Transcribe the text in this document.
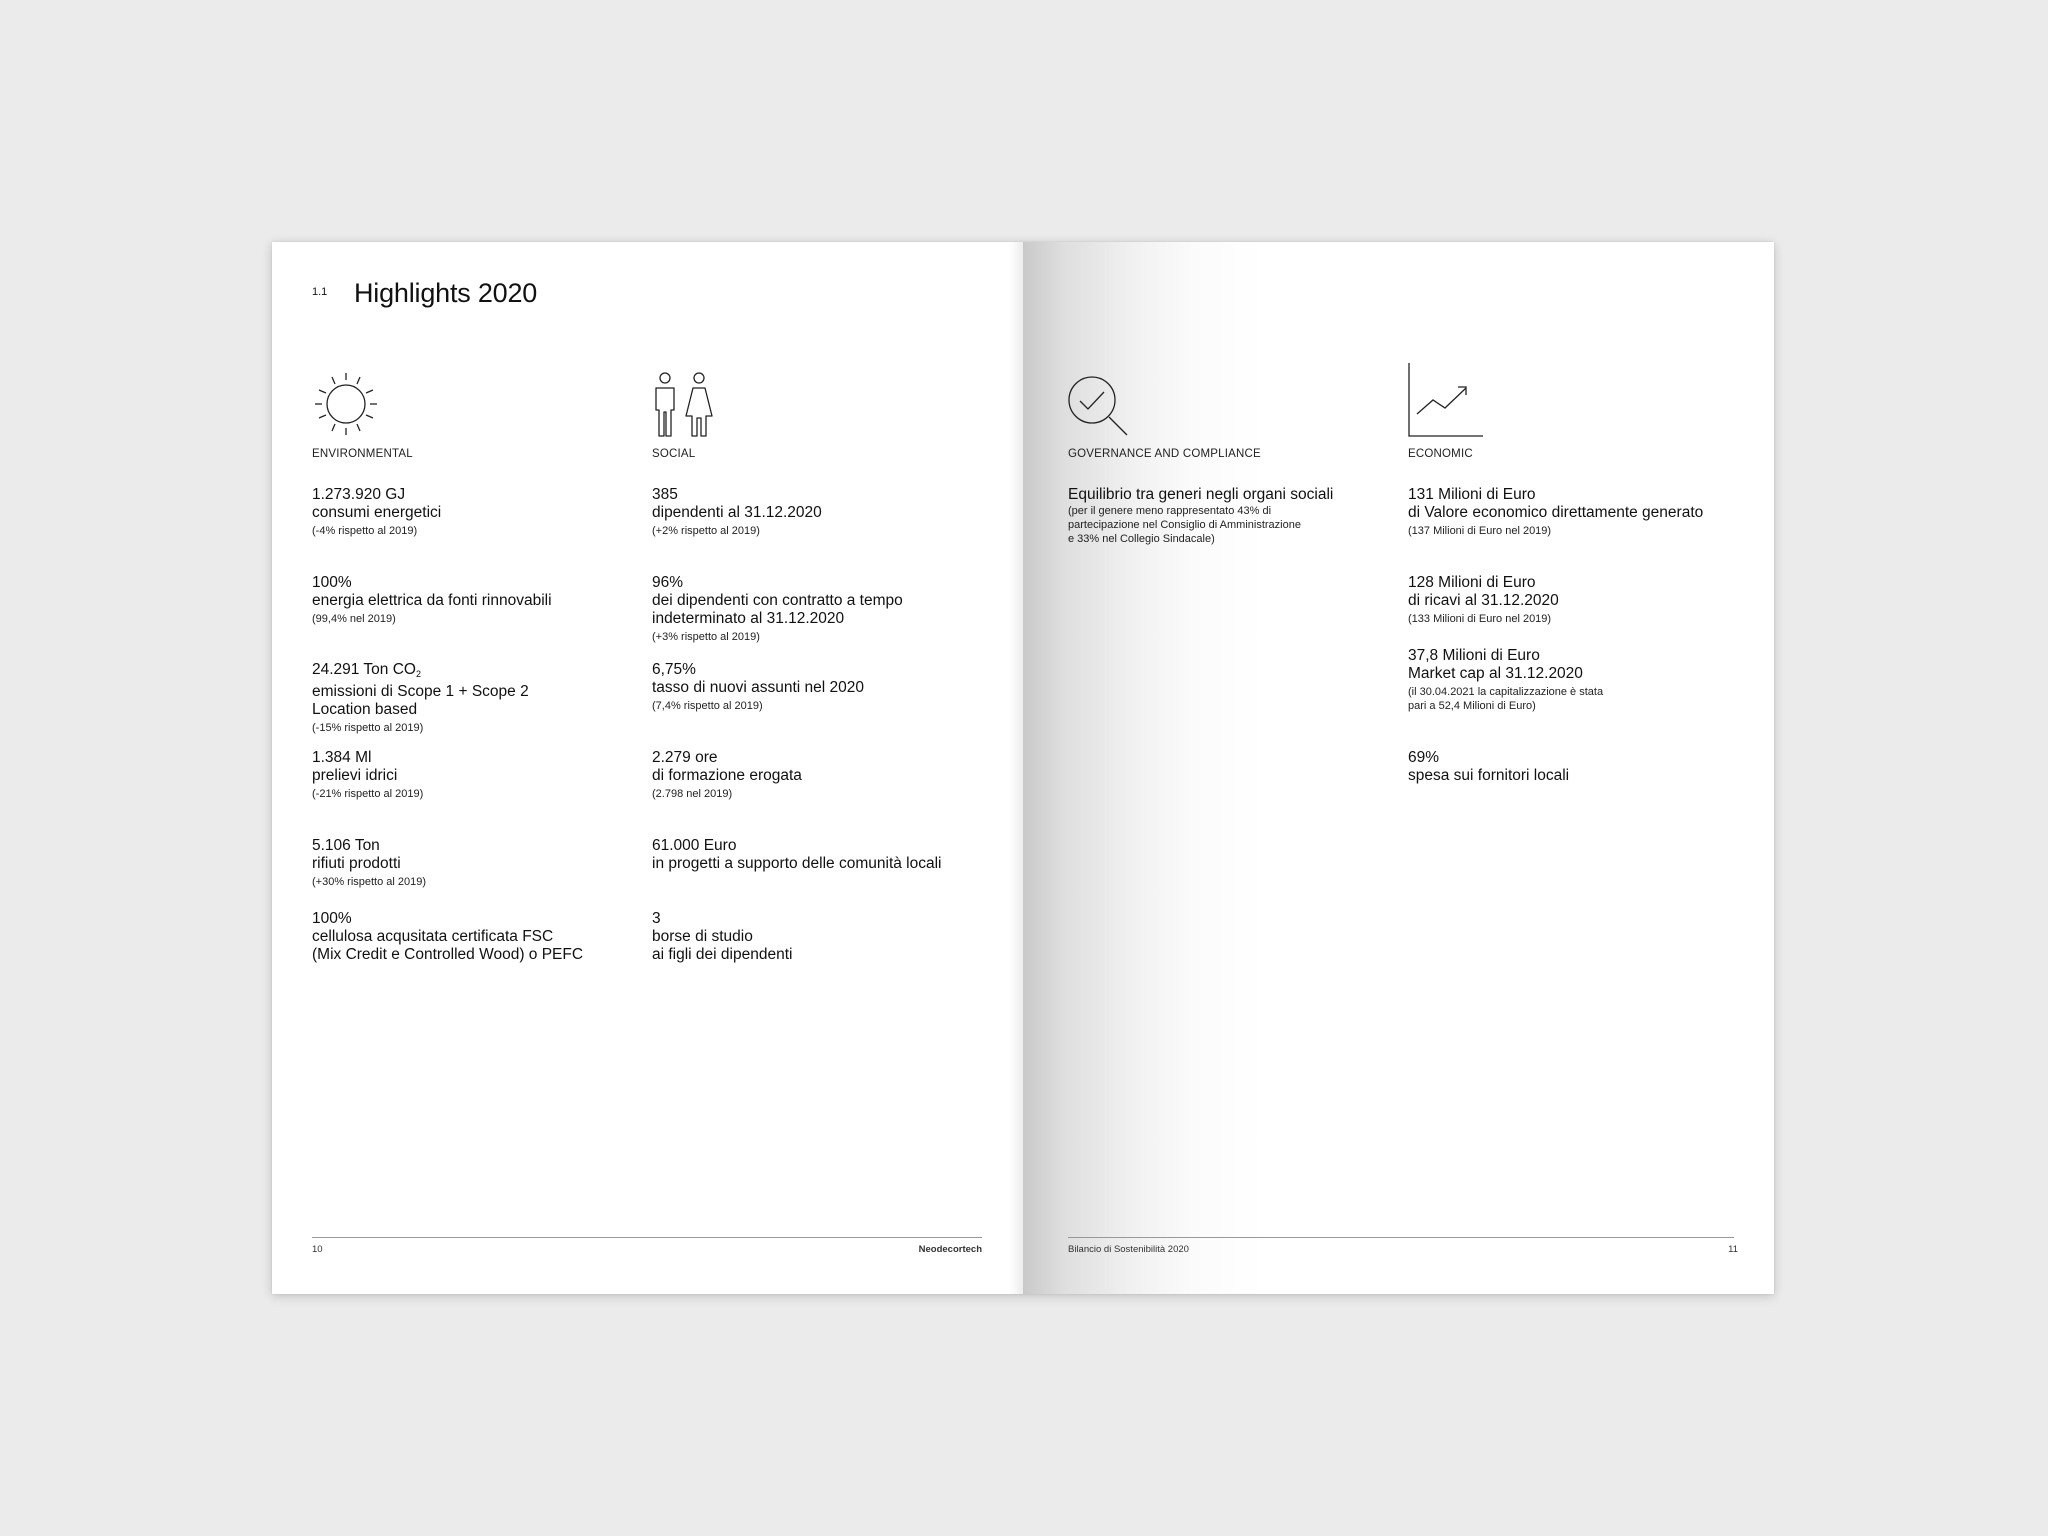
1.1 Highlights 2020
ENVIRONMENTAL
1.273.920 GJ
consumi energetici
(-4% rispetto al 2019)
100%
energia elettrica da fonti rinnovabili
(99,4% nel 2019)
24.291 Ton $CO_2$
emissioni di Scope 1 + Scope 2
Location based
(-15% rispetto al 2019)
1.384 Ml
prelievi idrici
(-21% rispetto al 2019)
5.106 Ton
rifiuti prodotti
(+30% rispetto al 2019)
100%
cellulosa acqusitata certificata FSC
(Mix Credit e Controlled Wood) o PEFC
SOCIAL
385
dipendenti al 31.12.2020
(+2% rispetto al 2019)
96%
dei dipendenti con contratto a tempo
indeterminato al 31.12.2020
(+3% rispetto al 2019)
6,75%
tasso di nuovi assunti nel 2020
(7,4% rispetto al 2019)
2.279 ore
di formazione erogata
(2.798 nel 2019)
61.000 Euro
in progetti a supporto delle comunità locali
3
borse di studio
ai figli dei dipendenti
10	Neodecortech
GOVERNANCE AND COMPLIANCE
Equilibrio tra generi negli organi sociali
(per il genere meno rappresentato 43% di
partecipazione nel Consiglio di Amministrazione
e 33% nel Collegio Sindacale)
ECONOMIC
131 Milioni di Euro
di Valore economico direttamente generato
(137 Milioni di Euro nel 2019)
128 Milioni di Euro
di ricavi al 31.12.2020
(133 Milioni di Euro nel 2019)
37,8 Milioni di Euro
Market cap al 31.12.2020
(il 30.04.2021 la capitalizzazione è stata
pari a 52,4 Milioni di Euro)
69%
spesa sui fornitori locali
Bilancio di Sostenibilità 2020	11
